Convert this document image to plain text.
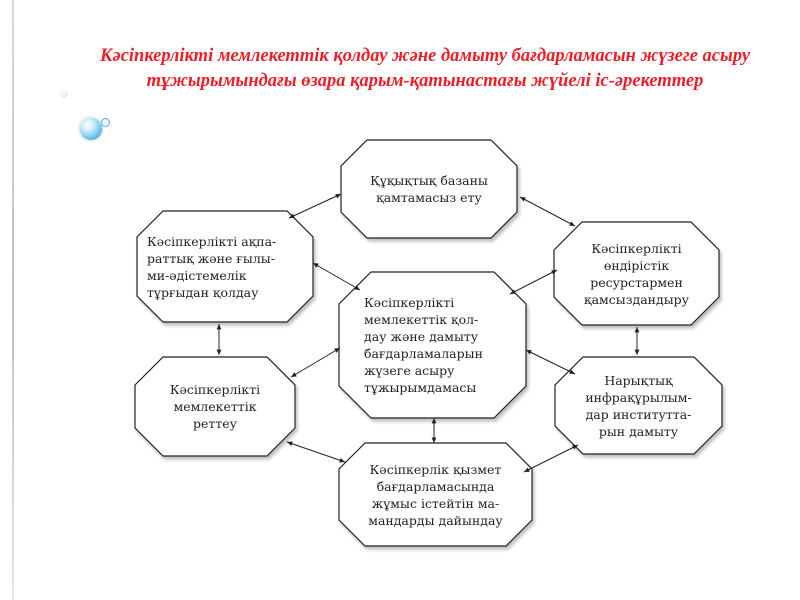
Кәсіпкерлікті мемлекеттік қолдау және дамыту бағдарламасын жүзеге асыру тұжырымындағы өзара қарым-қатынастағы жүйелі іс-әрекеттер
Құқықтық базаны
қамтамасыз ету
Кәсіпкерлікті ақпа-
раттық және ғылы-
ми-әдістемелік
тұрғыдан қолдау
Кәсіпкерлікті
өндірістік
ресурстармен
қамсыздандыру
Кәсіпкерлікті
мемлекеттік қол-
дау және дамыту
бағдарламаларын
жүзеге асыру
тұжырымдамасы
Кәсіпкерлікті
мемлекеттік
реттеу
Нарықтық
инфрақұрылым-
дар институтта-
рын дамыту
Кәсіпкерлік қызмет
бағдарламасында
жұмыс істейтін ма-
мандарды дайындау
